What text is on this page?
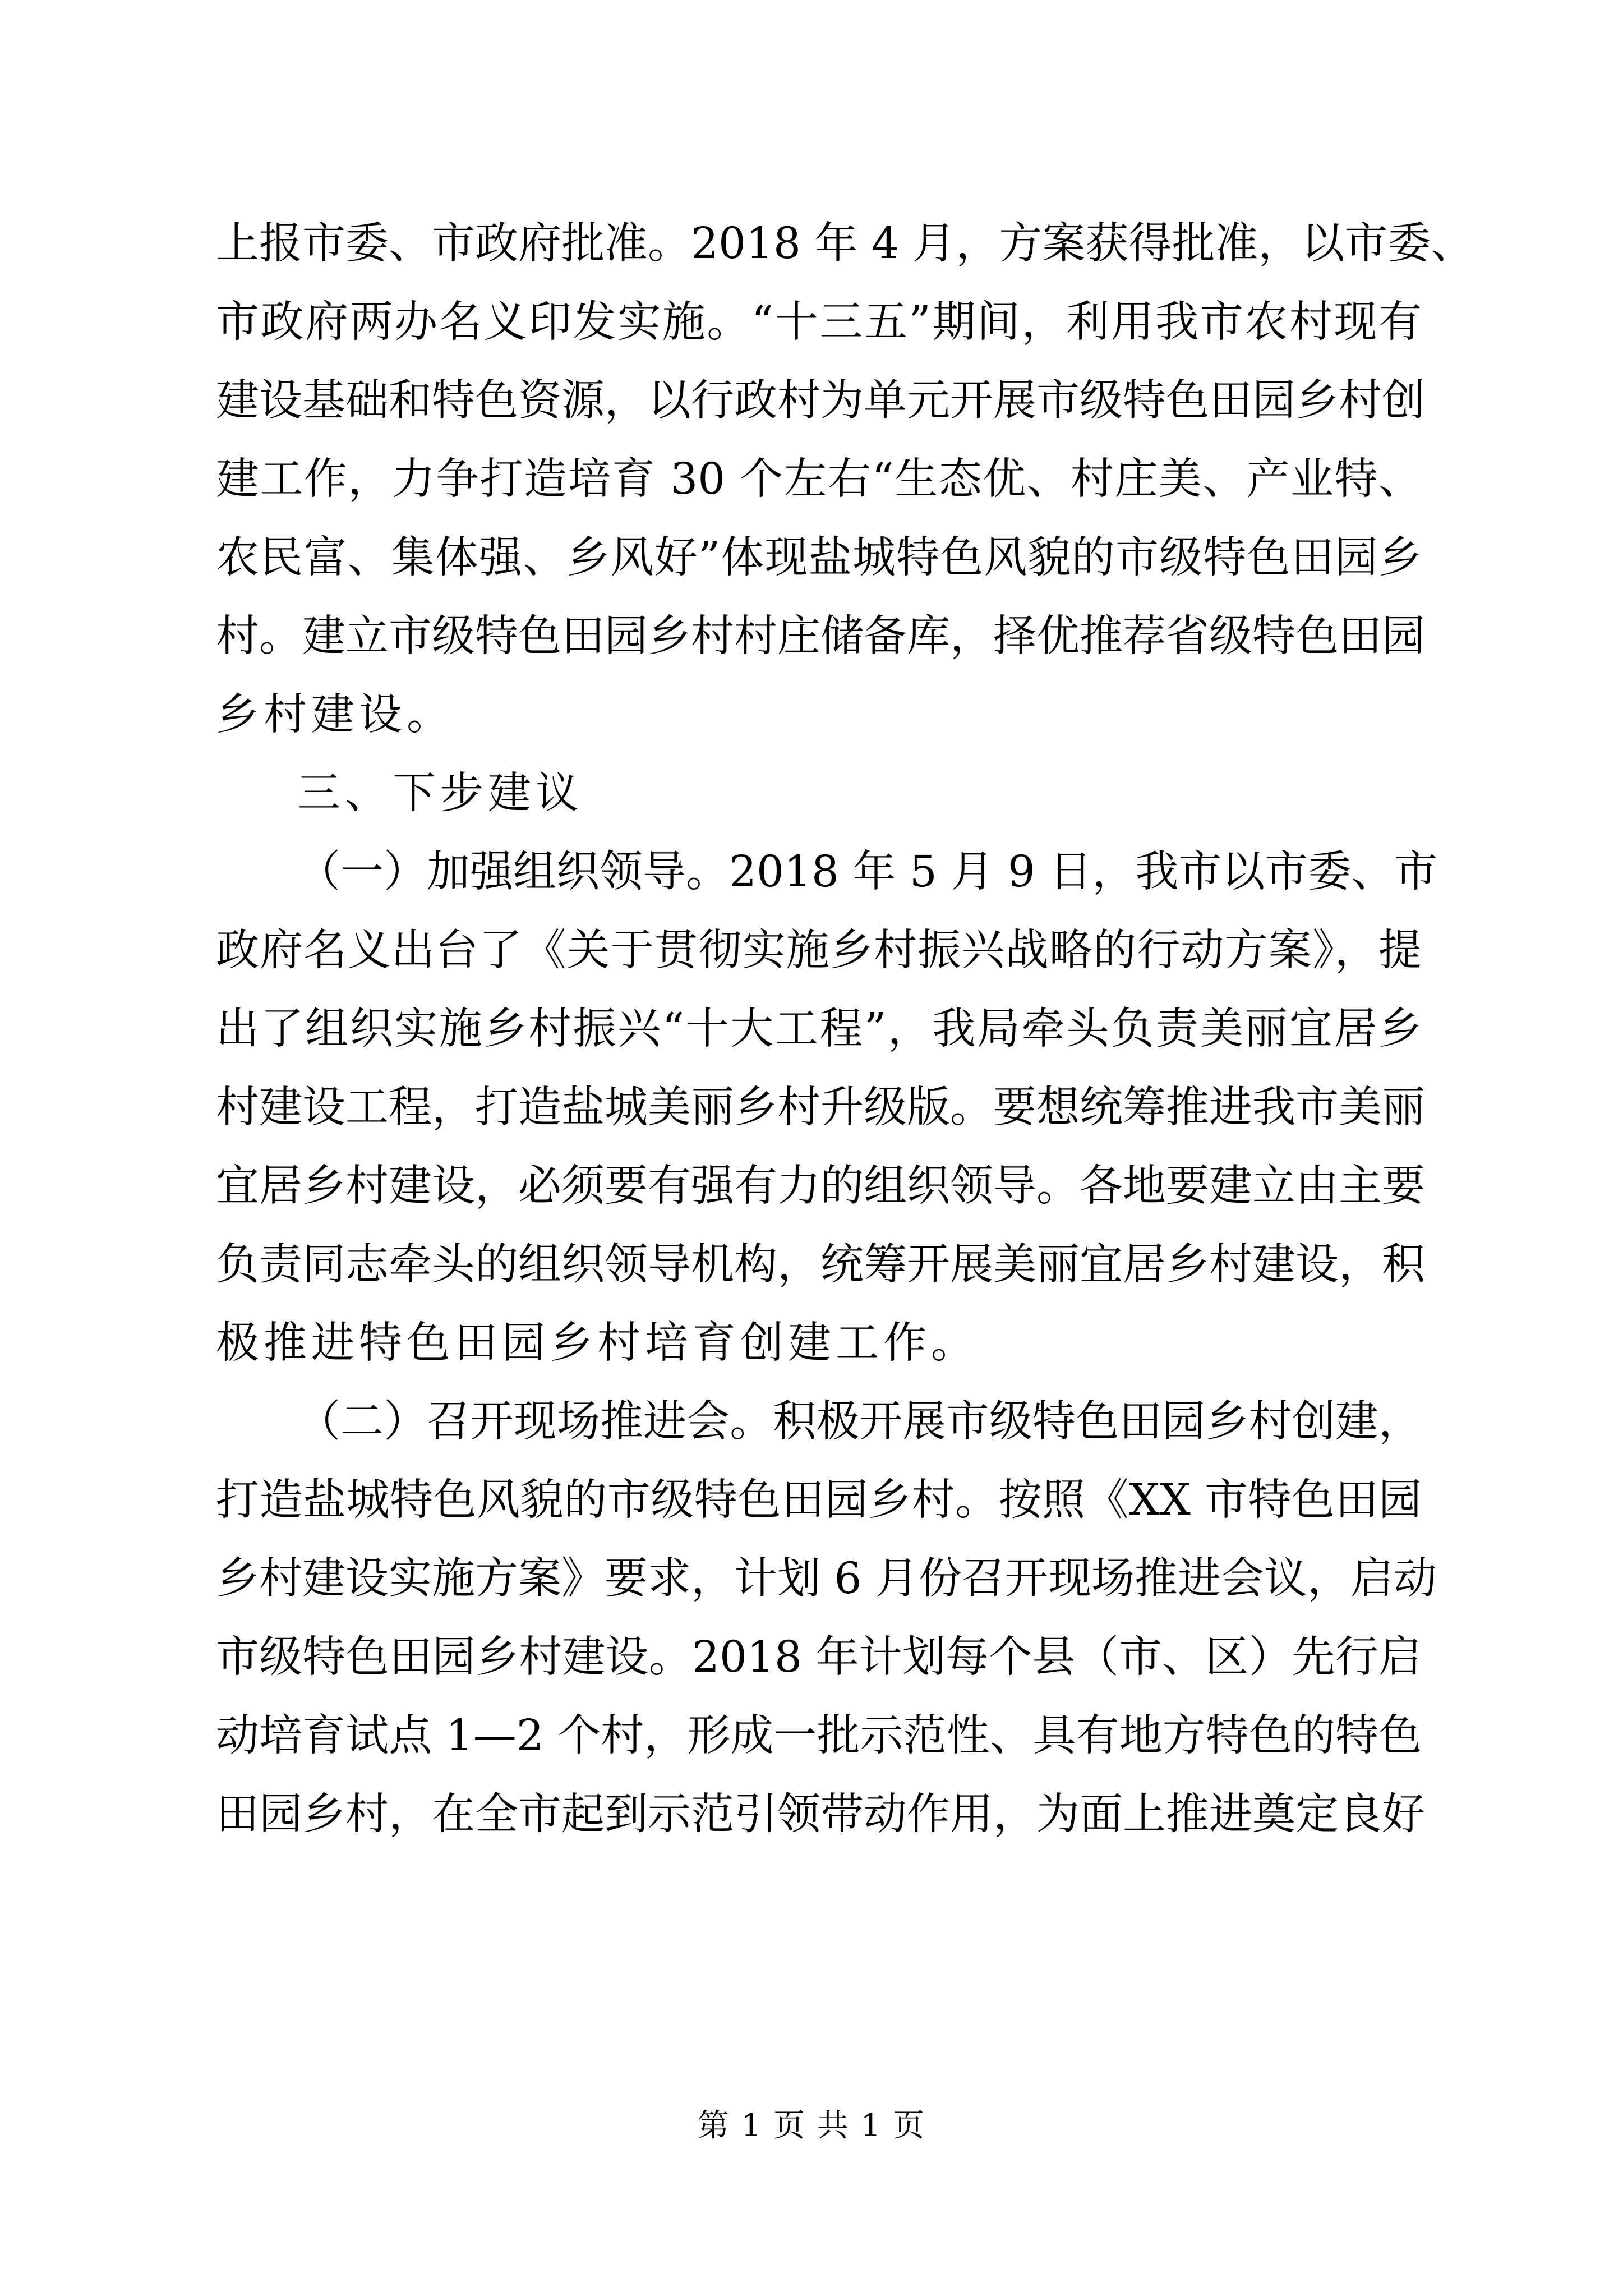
上报市委、市政府批准。2018 年 4 月，方案获得批准，以市委、
市政府两办名义印发实施。“十三五”期间，利用我市农村现有
建设基础和特色资源，以行政村为单元开展市级特色田园乡村创
建工作，力争打造培育 30 个左右“生态优、村庄美、产业特、
农民富、集体强、乡风好”体现盐城特色风貌的市级特色田园乡
村。建立市级特色田园乡村村庄储备库，择优推荐省级特色田园
乡村建设。
三、下步建议
（一）加强组织领导。2018 年 5 月 9 日，我市以市委、市
政府名义出台了《关于贯彻实施乡村振兴战略的行动方案》，提
出了组织实施乡村振兴“十大工程”，我局牵头负责美丽宜居乡
村建设工程，打造盐城美丽乡村升级版。要想统筹推进我市美丽
宜居乡村建设，必须要有强有力的组织领导。各地要建立由主要
负责同志牵头的组织领导机构，统筹开展美丽宜居乡村建设，积
极推进特色田园乡村培育创建工作。
（二）召开现场推进会。积极开展市级特色田园乡村创建，
打造盐城特色风貌的市级特色田园乡村。按照《XX 市特色田园
乡村建设实施方案》要求，计划 6 月份召开现场推进会议，启动
市级特色田园乡村建设。2018 年计划每个县（市、区）先行启
动培育试点 1—2 个村，形成一批示范性、具有地方特色的特色
田园乡村，在全市起到示范引领带动作用，为面上推进奠定良好
第 1 页 共 1 页
